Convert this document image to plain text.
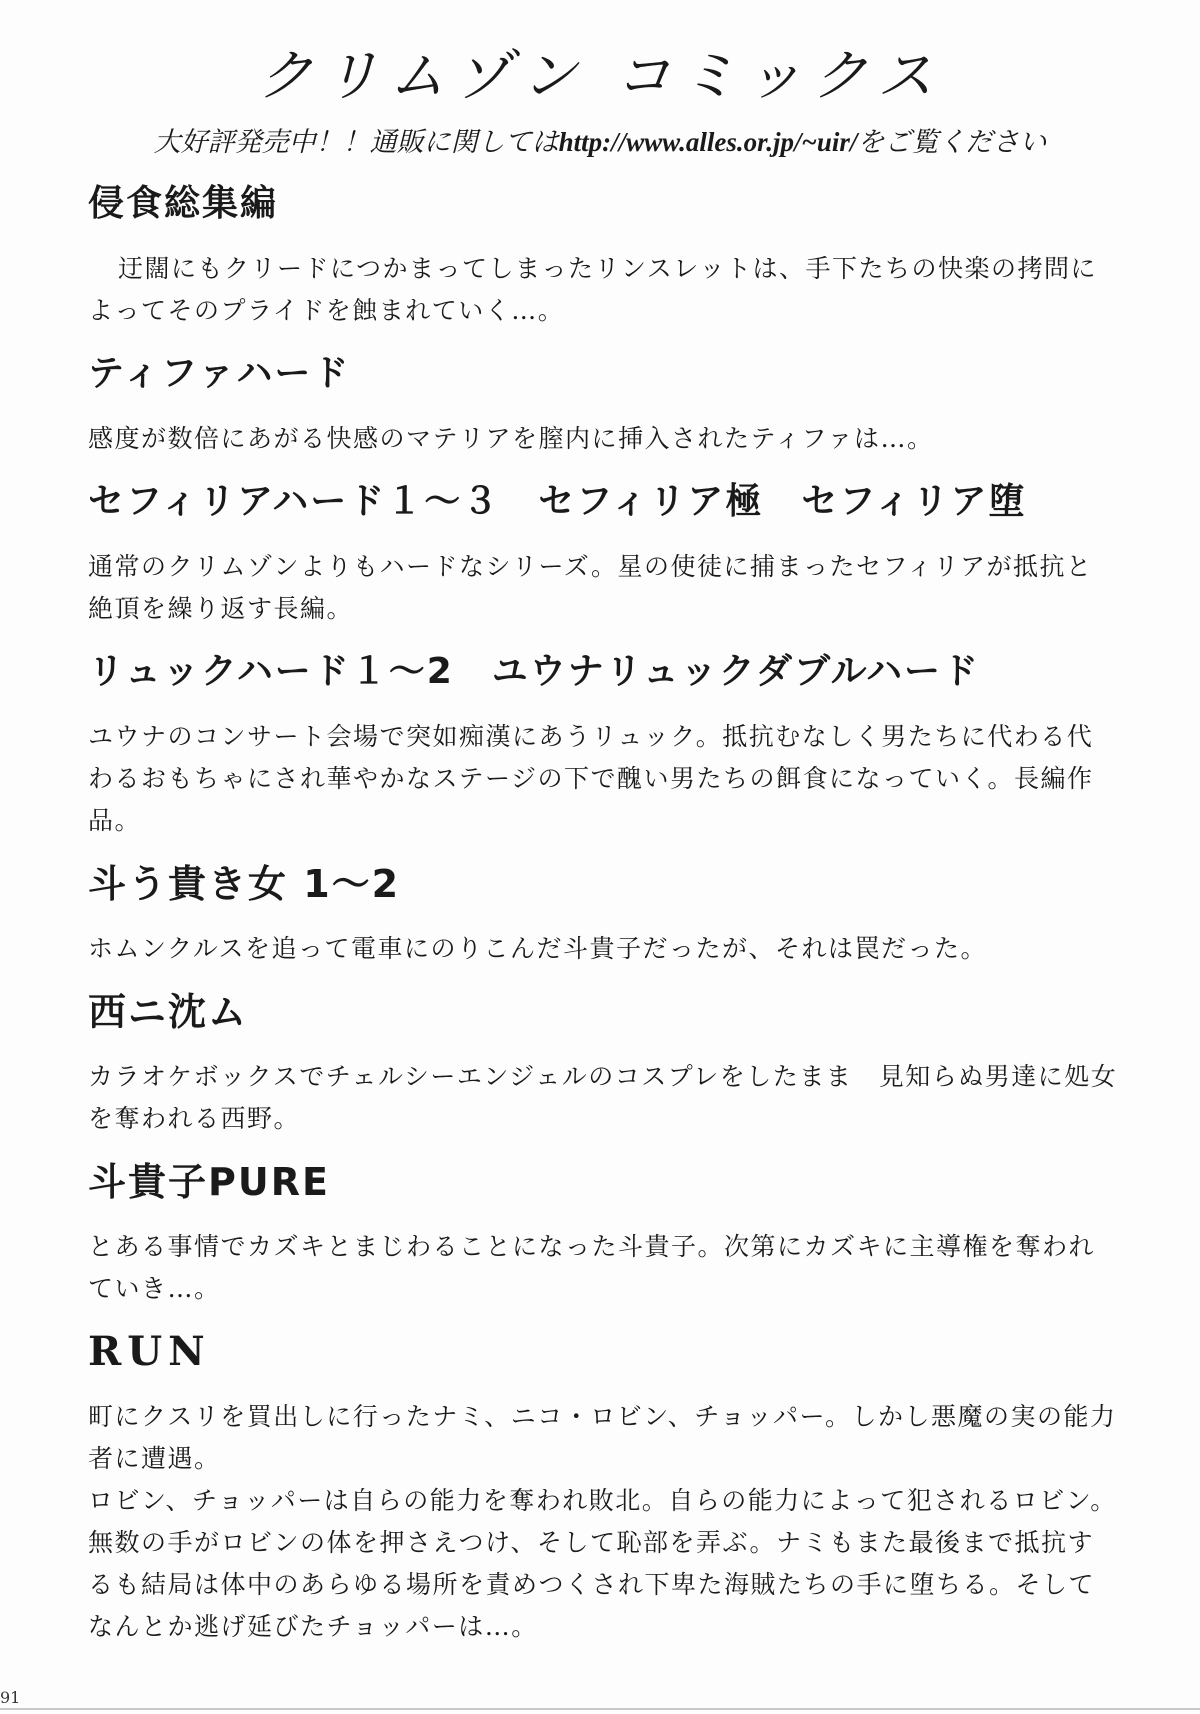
クリムゾン コミックス
大好評発売中！！通販に関してはhttp://www.alles.or.jp/~uir/をご覧ください
侵食総集編

迂闊にもクリードにつかまってしまったリンスレットは、手下たちの快楽の拷問によってそのプライドを蝕まれていく…。

ティファハード

感度が数倍にあがる快感のマテリアを膣内に挿入されたティファは…。

セフィリアハード１～３　セフィリア極　セフィリア堕

通常のクリムゾンよりもハードなシリーズ。星の使徒に捕まったセフィリアが抵抗と絶頂を繰り返す長編。

リュックハード１～2　ユウナリュックダブルハード

ユウナのコンサート会場で突如痴漢にあうリュック。抵抗むなしく男たちに代わる代わるおもちゃにされ華やかなステージの下で醜い男たちの餌食になっていく。長編作品。

斗う貴き女 1～2

ホムンクルスを追って電車にのりこんだ斗貴子だったが、それは罠だった。

西ニ沈ム

カラオケボックスでチェルシーエンジェルのコスプレをしたまま　見知らぬ男達に処女を奪われる西野。

斗貴子PURE

とある事情でカズキとまじわることになった斗貴子。次第にカズキに主導権を奪われていき…。

RUN

町にクスリを買出しに行ったナミ、ニコ・ロビン、チョッパー。しかし悪魔の実の能力者に遭遇。

ロビン、チョッパーは自らの能力を奪われ敗北。自らの能力によって犯されるロビン。無数の手がロビンの体を押さえつけ、そして恥部を弄ぶ。ナミもまた最後まで抵抗するも結局は体中のあらゆる場所を責めつくされ下卑た海賊たちの手に堕ちる。そしてなんとか逃げ延びたチョッパーは…。

91
